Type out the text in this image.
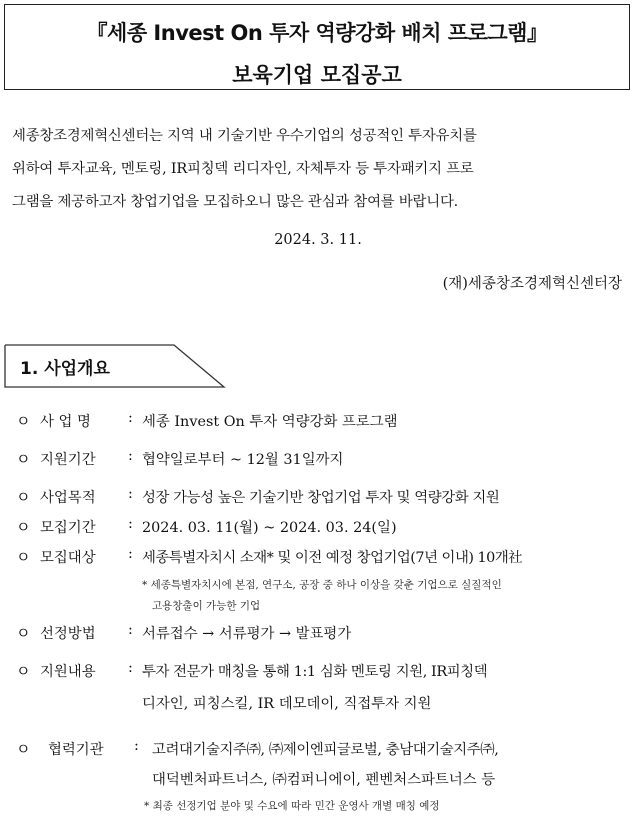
『세종 Invest On 투자 역량강화 배치 프로그램』
보육기업 모집공고
세종창조경제혁신센터는 지역 내 기술기반 우수기업의 성공적인 투자유치를
위하여 투자교육, 멘토링, IR피칭덱 리디자인, 자체투자 등 투자패키지 프로
그램을 제공하고자 창업기업을 모집하오니 많은 관심과 참여를 바랍니다.
2024. 3. 11.
(재)세종창조경제혁신센터장
1. 사업개요
ㅇ 사 업 명	: 세종 Invest On 투자 역량강화 프로그램
ㅇ 지원기간 : 협약일로부터 ~ 12월 31일까지
ㅇ 사업목적 : 성장 가능성 높은 기술기반 창업기업 투자 및 역량강화 지원
ㅇ 모집기간 : 2024. 03. 11(월) ~ 2024. 03. 24(일)
ㅇ 모집대상 : 세종특별자치시 소재* 및 이전 예정 창업기업(7년 이내) 10개社
* 세종특별자치시에 본점, 연구소, 공장 중 하나 이상을 갖춘 기업으로 실질적인
고용창출이 가능한 기업
ㅇ 선정방법 : 서류접수 → 서류평가 → 발표평가
ㅇ 지원내용 : 투자 전문가 매칭을 통해 1:1 심화 멘토링 지원, IR피칭덱
디자인, 피칭스킬, IR 데모데이, 직접투자 지원
ㅇ 협력기관 : 고려대기술지주㈜, ㈜제이엔피글로벌, 충남대기술지주㈜,
대덕벤처파트너스, ㈜컴퍼니에이, 펜벤처스파트너스 등
* 최종 선정기업 분야 및 수요에 따라 민간 운영사 개별 매칭 예정
